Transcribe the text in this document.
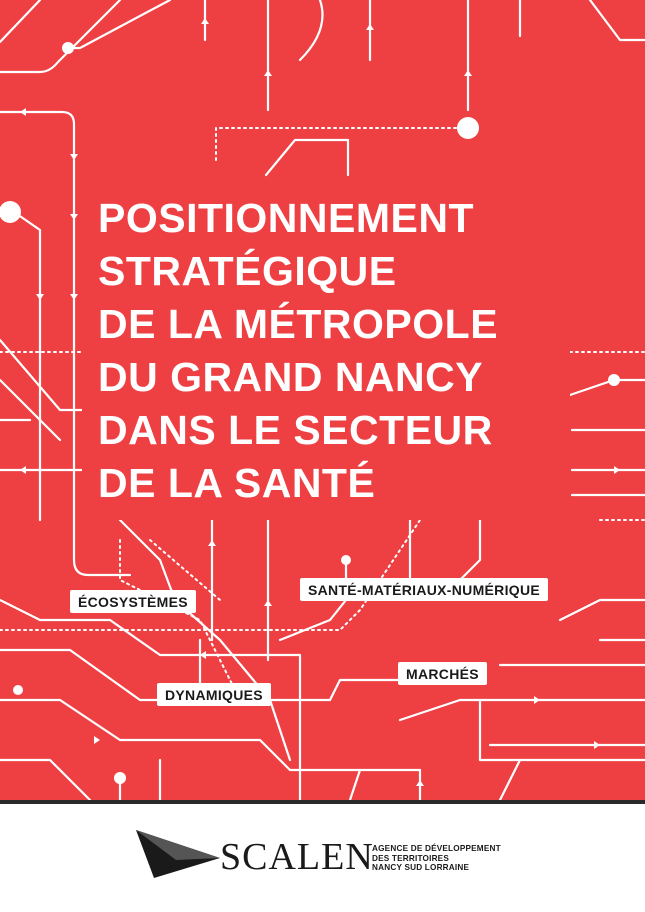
POSITIONNEMENT
STRATÉGIQUE
DE LA MÉTROPOLE
DU GRAND NANCY
DANS LE SECTEUR
DE LA SANTÉ
ÉCOSYSTÈMES
SANTÉ-MATÉRIAUX-NUMÉRIQUE
MARCHÉS
DYNAMIQUES
SCALEN
AGENCE DE DÉVELOPPEMENT
DES TERRITOIRES
NANCY SUD LORRAINE
